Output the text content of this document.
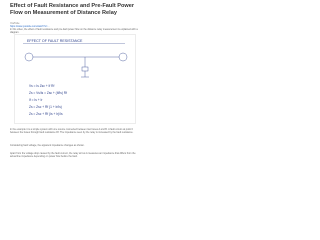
Effect of Fault Resistance and Pre-Fault Power Flow on Measurement of Distance Relay
YouTube
https://www.youtube.com/watch?v=...
In this video, the effect of fault resistance and pre-fault power flow on the distance relay measurement is explained with a diagram.
EFFECT OF FAULT RESISTANCE
Vs = Is Zsc + If Rf
Zs = Vs/Is = Zsc + (If/Is) Rf
If = Is + Ir
Zs = Zsc + Rf (1 + Ir/Is)
Zs = Zsc + Rf (Is + Ir)/Is
In the example it is a simple system with one source connected between two buses A and B. A fault occurs at point F between the buses through fault resistance Rf. The impedance seen by the relay is increased by the fault resistance.
Considering fault voltage, the apparent impedance changes as shown.
Apart from the voltage drop caused by the fault current, the relay at bus A measures an impedance that differs from the actual line impedance depending on power flow before the fault.
